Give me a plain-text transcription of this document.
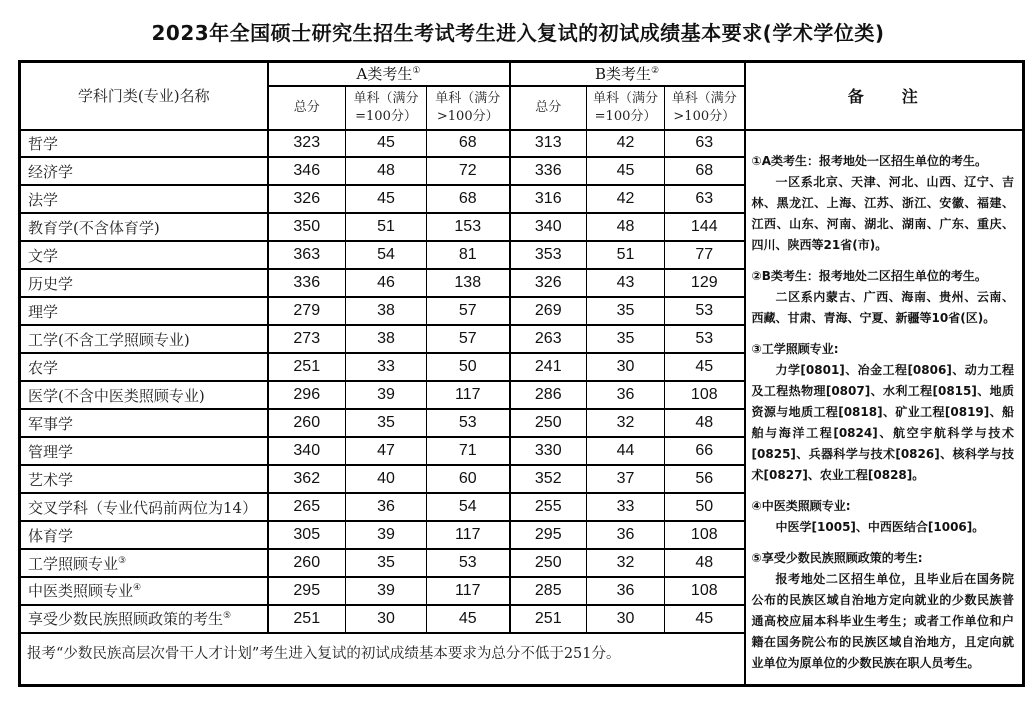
2023年全国硕士研究生招生考试考生进入复试的初试成绩基本要求(学术学位类)
学科门类(专业)名称	A类考生①			B类考生②			备　　注
	总分	单科（满分=100分）	单科（满分>100分）	总分	单科（满分=100分）	单科（满分>100分）	
哲学	323	45	68	313	42	63	

①A类考生：报考地处一区招生单位的考生。

一区系北京、天津、河北、山西、辽宁、吉林、黑龙江、上海、江苏、浙江、安徽、福建、江西、山东、河南、湖北、湖南、广东、重庆、四川、陕西等21省(市)。

②B类考生：报考地处二区招生单位的考生。

二区系内蒙古、广西、海南、贵州、云南、西藏、甘肃、青海、宁夏、新疆等10省(区)。

③工学照顾专业:

力学[0801]、冶金工程[0806]、动力工程及工程热物理[0807]、水利工程[0815]、地质资源与地质工程[0818]、矿业工程[0819]、船舶与海洋工程[0824]、航空宇航科学与技术[0825]、兵器科学与技术[0826]、核科学与技术[0827]、农业工程[0828]。

④中医类照顾专业:

中医学[1005]、中西医结合[1006]。

⑤享受少数民族照顾政策的考生:

报考地处二区招生单位，且毕业后在国务院公布的民族区域自治地方定向就业的少数民族普通高校应届本科毕业生考生；或者工作单位和户籍在国务院公布的民族区域自治地方，且定向就业单位为原单位的少数民族在职人员考生。

经济学	346	48	72	336	45	68	
法学	326	45	68	316	42	63	
教育学(不含体育学)	350	51	153	340	48	144	
文学	363	54	81	353	51	77	
历史学	336	46	138	326	43	129	
理学	279	38	57	269	35	53	
工学(不含工学照顾专业)	273	38	57	263	35	53	
农学	251	33	50	241	30	45	
医学(不含中医类照顾专业)	296	39	117	286	36	108	
军事学	260	35	53	250	32	48	
管理学	340	47	71	330	44	66	
艺术学	362	40	60	352	37	56	
交叉学科（专业代码前两位为14）	265	36	54	255	33	50	
体育学	305	39	117	295	36	108	
工学照顾专业③	260	35	53	250	32	48	
中医类照顾专业④	295	39	117	285	36	108	
享受少数民族照顾政策的考生⑤	251	30	45	251	30	45	
报考“少数民族高层次骨干人才计划”考生进入复试的初试成绩基本要求为总分不低于251分。							
